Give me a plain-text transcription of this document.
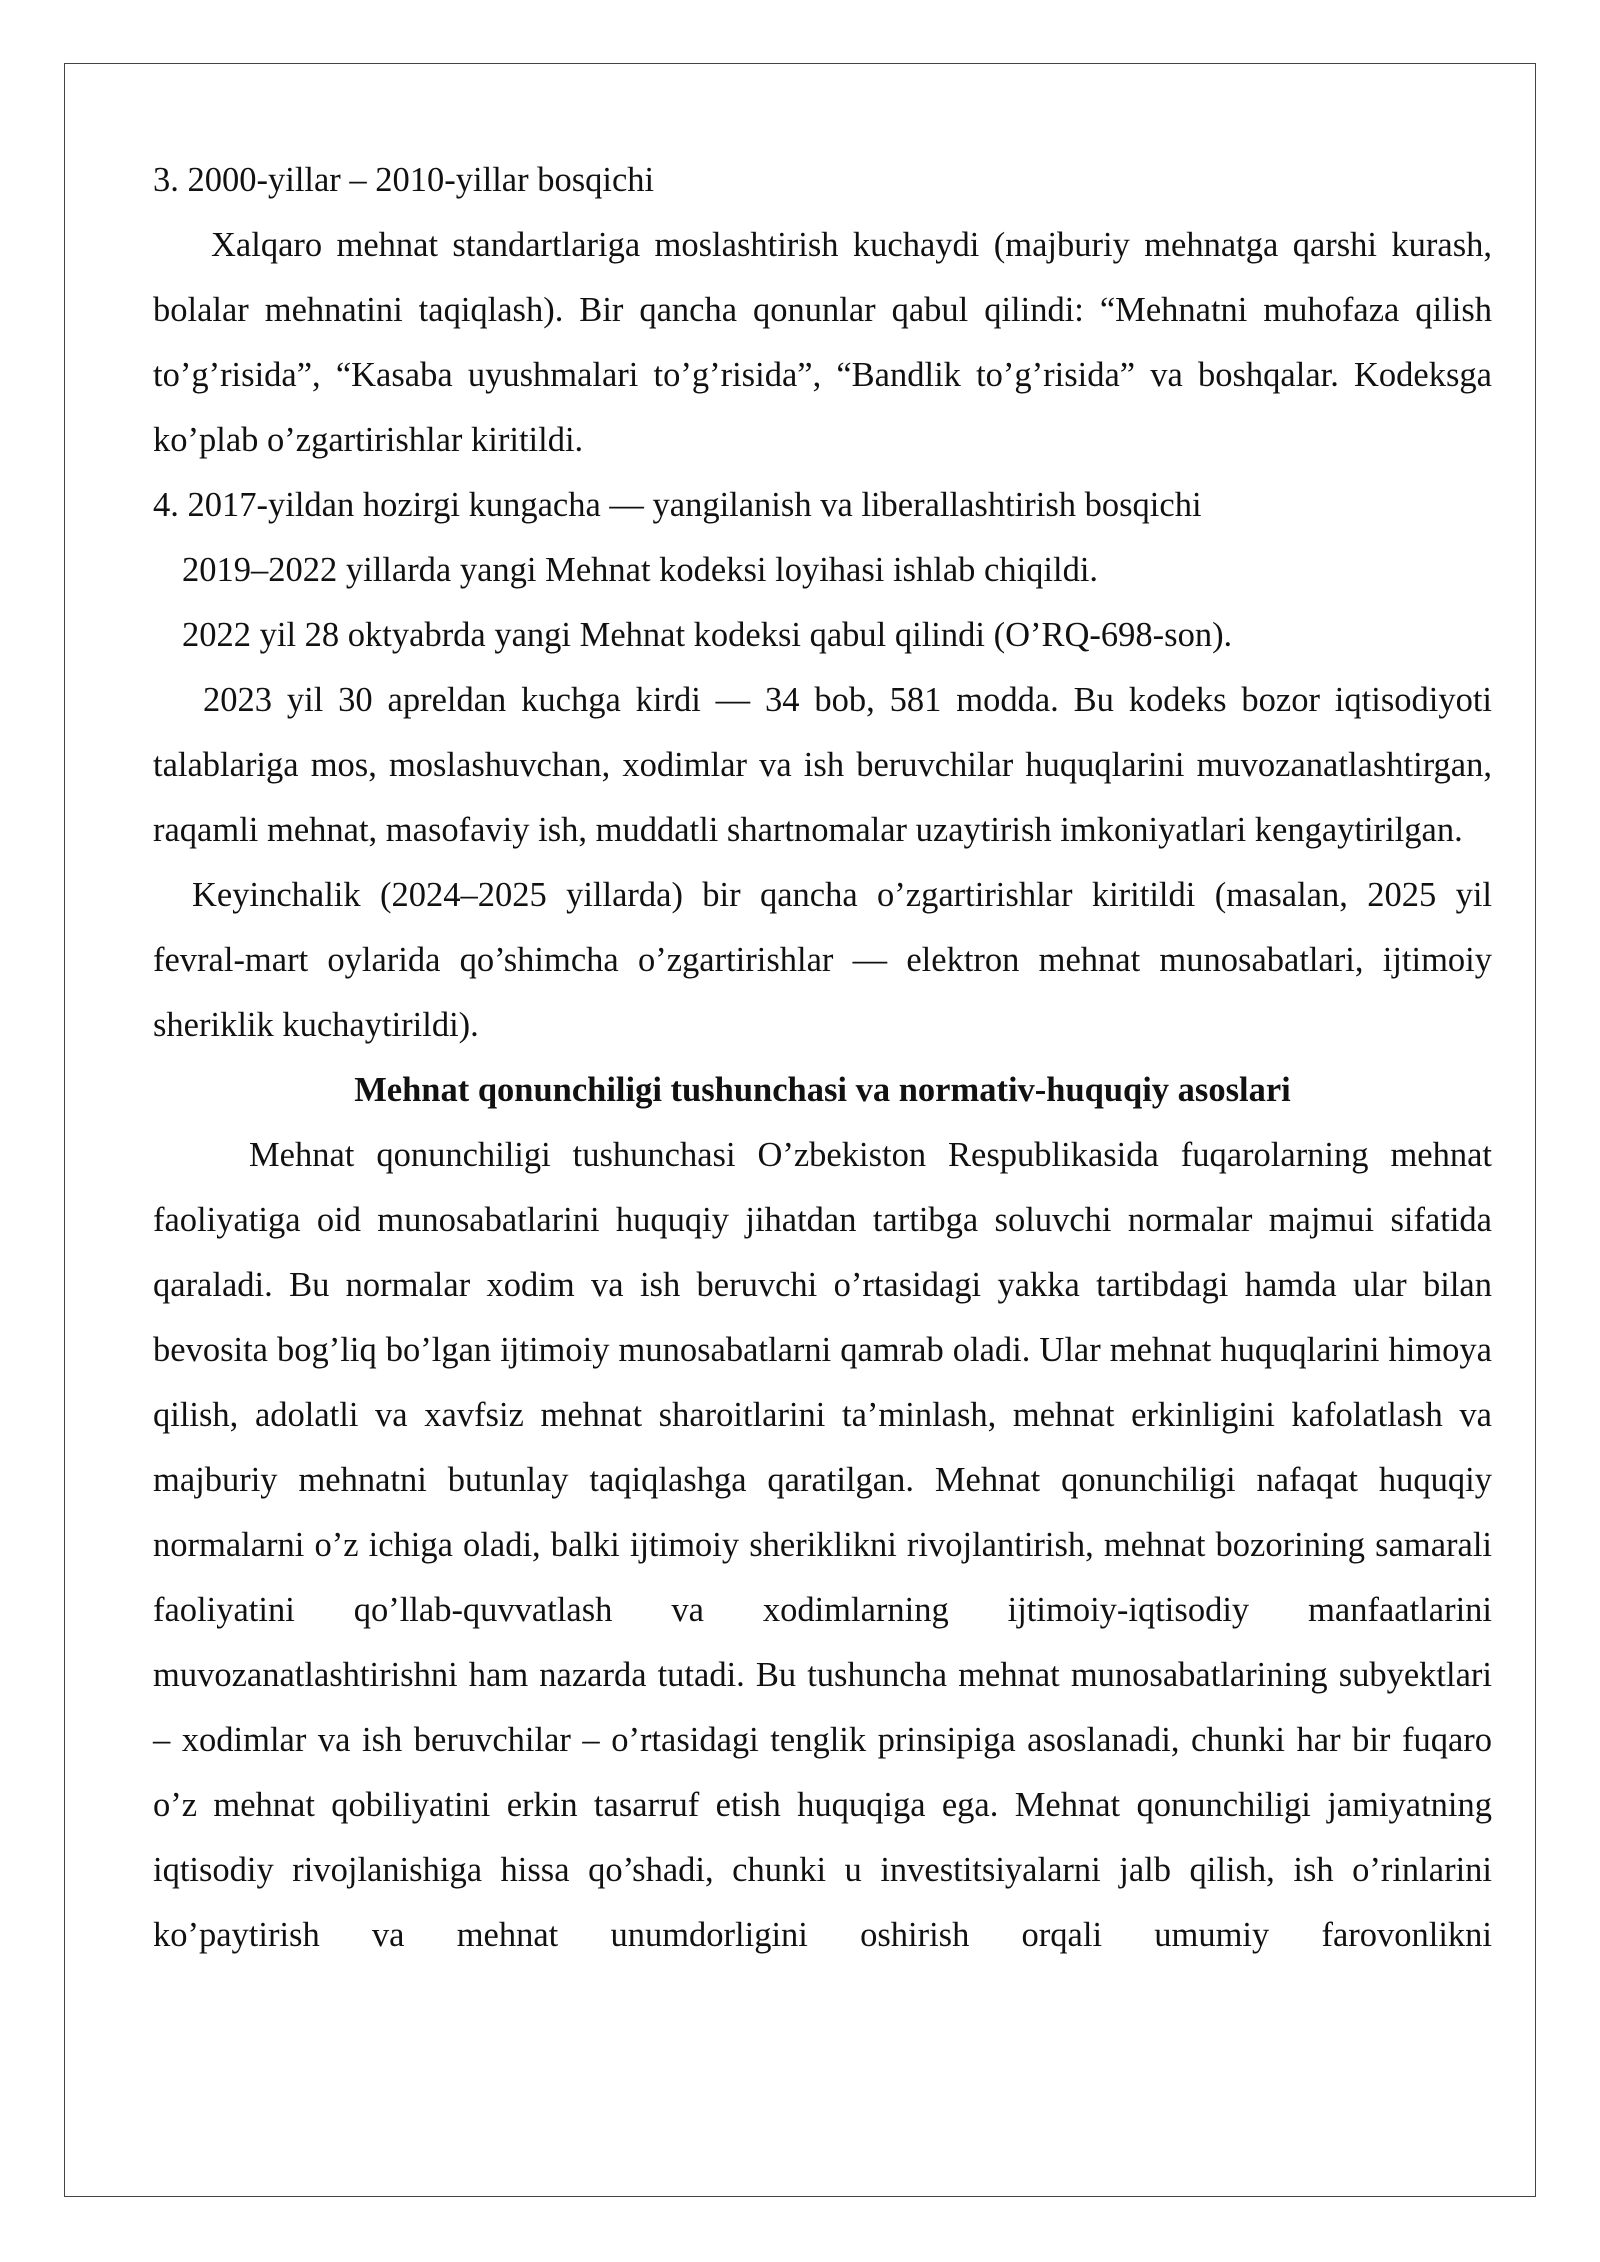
3. 2000-yillar – 2010-yillar bosqichi

Xalqaro mehnat standartlariga moslashtirish kuchaydi (majburiy mehnatga qarshi kurash, bolalar mehnatini taqiqlash). Bir qancha qonunlar qabul qilindi: “Mehnatni muhofaza qilish to’g’risida”, “Kasaba uyushmalari to’g’risida”, “Bandlik to’g’risida” va boshqalar. Kodeksga ko’plab o’zgartirishlar kiritildi.

4. 2017-yildan hozirgi kungacha — yangilanish va liberallashtirish bosqichi

2019–2022 yillarda yangi Mehnat kodeksi loyihasi ishlab chiqildi.

2022 yil 28 oktyabrda yangi Mehnat kodeksi qabul qilindi (O’RQ-698-son).

2023 yil 30 apreldan kuchga kirdi — 34 bob, 581 modda. Bu kodeks bozor iqtisodiyoti talablariga mos, moslashuvchan, xodimlar va ish beruvchilar huquqlarini muvozanatlashtirgan, raqamli mehnat, masofaviy ish, muddatli shartnomalar uzaytirish imkoniyatlari kengaytirilgan.

Keyinchalik (2024–2025 yillarda) bir qancha o’zgartirishlar kiritildi (masalan, 2025 yil fevral-mart oylarida qo’shimcha o’zgartirishlar — elektron mehnat munosabatlari, ijtimoiy sheriklik kuchaytirildi).

Mehnat qonunchiligi tushunchasi va normativ-huquqiy asoslari

Mehnat qonunchiligi tushunchasi O’zbekiston Respublikasida fuqarolarning mehnat faoliyatiga oid munosabatlarini huquqiy jihatdan tartibga soluvchi normalar majmui sifatida qaraladi. Bu normalar xodim va ish beruvchi o’rtasidagi yakka tartibdagi hamda ular bilan bevosita bog’liq bo’lgan ijtimoiy munosabatlarni qamrab oladi. Ular mehnat huquqlarini himoya qilish, adolatli va xavfsiz mehnat sharoitlarini ta’minlash, mehnat erkinligini kafolatlash va majburiy mehnatni butunlay taqiqlashga qaratilgan. Mehnat qonunchiligi nafaqat huquqiy normalarni o’z ichiga oladi, balki ijtimoiy sheriklikni rivojlantirish, mehnat bozorining samarali faoliyatini qo’llab-quvvatlash va xodimlarning ijtimoiy-iqtisodiy manfaatlarini muvozanatlashtirishni ham nazarda tutadi. Bu tushuncha mehnat munosabatlarining subyektlari – xodimlar va ish beruvchilar – o’rtasidagi tenglik prinsipiga asoslanadi, chunki har bir fuqaro o’z mehnat qobiliyatini erkin tasarruf etish huquqiga ega. Mehnat qonunchiligi jamiyatning iqtisodiy rivojlanishiga hissa qo’shadi, chunki u investitsiyalarni jalb qilish, ish o’rinlarini ko’paytirish va mehnat unumdorligini oshirish orqali umumiy farovonlikni
